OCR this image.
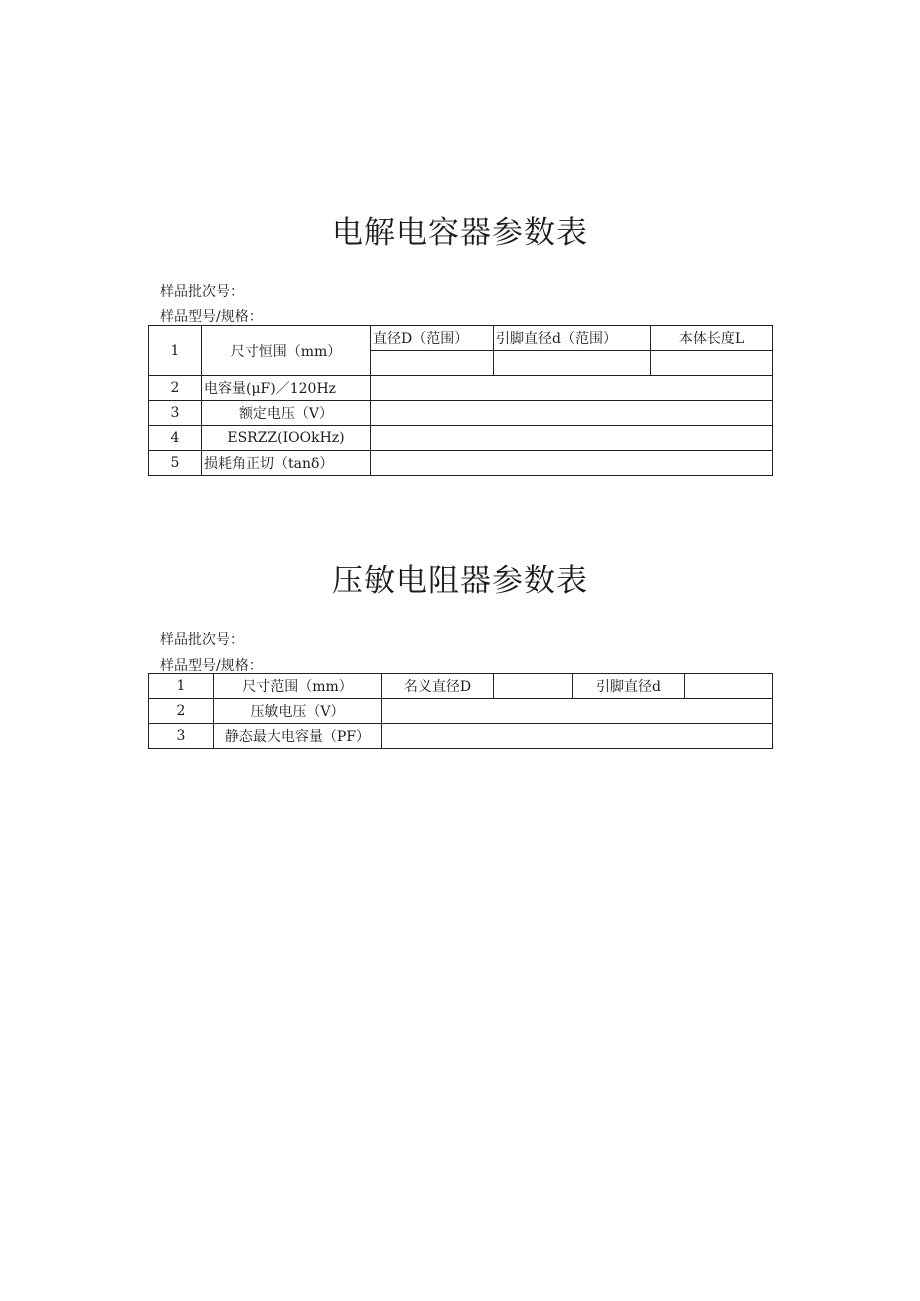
电解电容器参数表

样品批次号：

样品型号/规格：

1	尺寸恒围（mm）	直径D（范围）	引脚直径d（范围）	本体长度L

2	电容量(μF)／120Hz			
3	额定电压（V）			
4	ESRZZ(IOOkHz)			
5	损耗角正切（tanδ）			
压敏电阻器参数表

样品批次号：

样品型号/规格：

1	尺寸范围（mm）	名义直径D		引脚直径d	
2	压敏电压（V）				
3	静态最大电容量（PF）				
